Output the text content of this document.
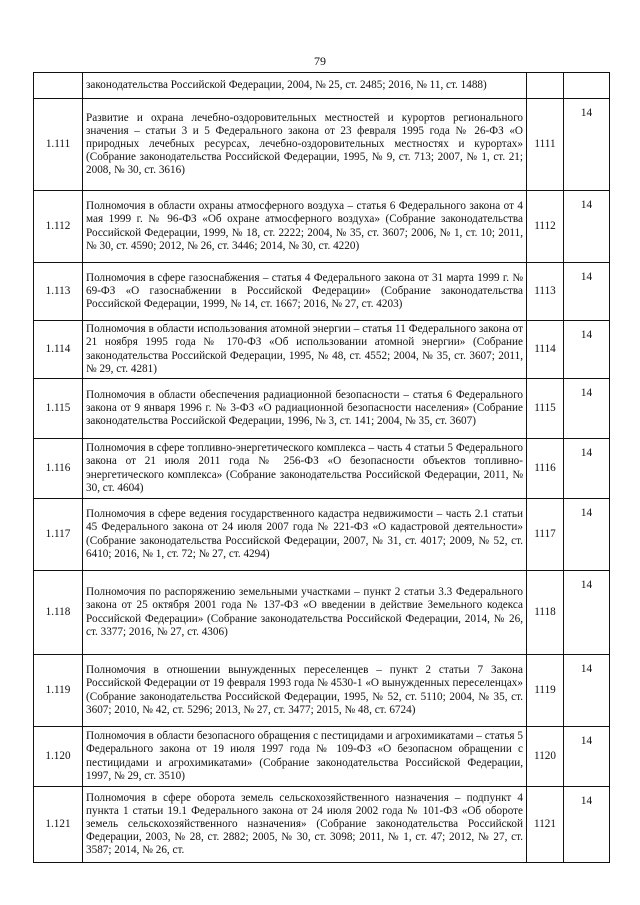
79
	законодательства Российской Федерации, 2004, № 25, ст. 2485; 2016, № 11, ст. 1488)		
1.111	Развитие и охрана лечебно-оздоровительных местностей и курортов регионального значения – статьи 3 и 5 Федерального закона от 23 февраля 1995 года № 26-ФЗ «О природных лечебных ресурсах, лечебно-оздоровительных местностях и курортах» (Собрание законодательства Российской Федерации, 1995, № 9, ст. 713; 2007, № 1, ст. 21; 2008, № 30, ст. 3616)	1111	14
1.112	Полномочия в области охраны атмосферного воздуха – статья 6 Федерального закона от 4 мая 1999 г. № 96-ФЗ «Об охране атмосферного воздуха» (Собрание законодательства Российской Федерации, 1999, № 18, ст. 2222; 2004, № 35, ст. 3607; 2006, № 1, ст. 10; 2011, № 30, ст. 4590; 2012, № 26, ст. 3446; 2014, № 30, ст. 4220)	1112	14
1.113	Полномочия в сфере газоснабжения – статья 4 Федерального закона от 31 марта 1999 г. № 69-ФЗ «О газоснабжении в Российской Федерации» (Собрание законодательства Российской Федерации, 1999, № 14, ст. 1667; 2016, № 27, ст. 4203)	1113	14
1.114	Полномочия в области использования атомной энергии – статья 11 Федерального закона от 21 ноября 1995 года № 170-ФЗ «Об использовании атомной энергии» (Собрание законодательства Российской Федерации, 1995, № 48, ст. 4552; 2004, № 35, ст. 3607; 2011, № 29, ст. 4281)	1114	14
1.115	Полномочия в области обеспечения радиационной безопасности – статья 6 Федерального закона от 9 января 1996 г. № 3-ФЗ «О радиационной безопасности населения» (Собрание законодательства Российской Федерации, 1996, № 3, ст. 141; 2004, № 35, ст. 3607)	1115	14
1.116	Полномочия в сфере топливно-энергетического комплекса – часть 4 статьи 5 Федерального закона от 21 июля 2011 года № 256-ФЗ «О безопасности объектов топливно-энергетического комплекса» (Собрание законодательства Российской Федерации, 2011, № 30, ст. 4604)	1116	14
1.117	Полномочия в сфере ведения государственного кадастра недвижимости – часть 2.1 статьи 45 Федерального закона от 24 июля 2007 года № 221-ФЗ «О кадастровой деятельности» (Собрание законодательства Российской Федерации, 2007, № 31, ст. 4017; 2009, № 52, ст. 6410; 2016, № 1, ст. 72; № 27, ст. 4294)	1117	14
1.118	Полномочия по распоряжению земельными участками – пункт 2 статьи 3.3 Федерального закона от 25 октября 2001 года № 137-ФЗ «О введении в действие Земельного кодекса Российской Федерации» (Собрание законодательства Российской Федерации, 2014, № 26, ст. 3377; 2016, № 27, ст. 4306)	1118	14
1.119	Полномочия в отношении вынужденных переселенцев – пункт 2 статьи 7 Закона Российской Федерации от 19 февраля 1993 года № 4530-1 «О вынужденных переселенцах» (Собрание законодательства Российской Федерации, 1995, № 52, ст. 5110; 2004, № 35, ст. 3607; 2010, № 42, ст. 5296; 2013, № 27, ст. 3477; 2015, № 48, ст. 6724)	1119	14
1.120	Полномочия в области безопасного обращения с пестицидами и агрохимикатами – статья 5 Федерального закона от 19 июля 1997 года № 109-ФЗ «О безопасном обращении с пестицидами и агрохимикатами» (Собрание законодательства Российской Федерации, 1997, № 29, ст. 3510)	1120	14
1.121	Полномочия в сфере оборота земель сельскохозяйственного назначения – подпункт 4 пункта 1 статьи 19.1 Федерального закона от 24 июля 2002 года № 101-ФЗ «Об обороте земель сельскохозяйственного назначения» (Собрание законодательства Российской Федерации, 2003, № 28, ст. 2882; 2005, № 30, ст. 3098; 2011, № 1, ст. 47; 2012, № 27, ст. 3587; 2014, № 26, ст.	1121	14
